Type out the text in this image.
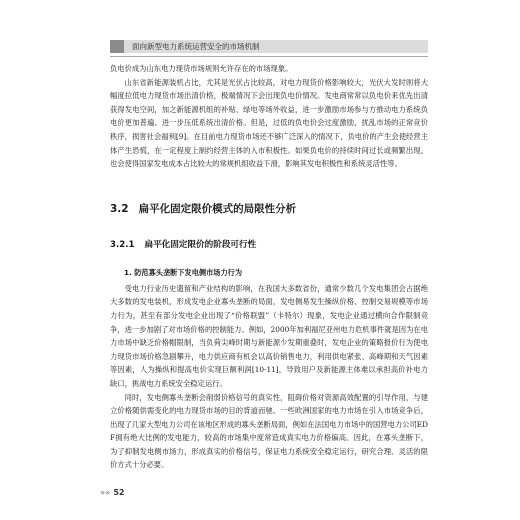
面向新型电力系统运营安全的市场机制

负电价成为山东电力现货市场规则允许存在的市场现象。

山东省新能源装机占比，尤其是光伏占比较高，对电力现货价格影响较大，光伏大发时则将大幅度拉低电力现货市场出清价格，极端情况下会出现负电价情况。发电商常常以负电价来优先出清获得发电空间，加之新能源机组的补贴、绿电等场外收益，进一步激励市场参与方推动电力系统负电价更加普遍、进一步压低系统出清价格。但是，过低的负电价会过度激励，扰乱市场的正常竞价秩序，损害社会福利[9]。在目前电力现货市场还不够广泛深入的情况下，负电价的产生会使经营主体产生恐慌，在一定程度上制约经营主体的入市积极性。如果负电价的持续时间过长或频繁出现，也会使得国家发电成本占比较大的常规机组收益下滑，影响其发电积极性和系统灵活性等。

3.2 扁平化固定限价模式的局限性分析
3.2.1 扁平化固定限价的阶段可行性
1. 防范寡头垄断下发电侧市场力行为

受电力行业历史遗留和产业结构的影响，在我国大多数省份，通常少数几个发电集团会占据绝大多数的发电装机，形成发电企业寡头垄断的局面，发电侧易发生操纵价格、控制交易规模等市场力行为，甚至有部分发电企业出现了“价格联盟”（卡特尔）现象，发电企业通过横向合作限制竞争，进一步加剧了对市场价格的控制能力。例如，2000年加利福尼亚州电力危机事件就是因为在电力市场中缺乏价格帽限制，当负荷尖峰时期与新能源少发期重叠时，发电企业的策略报价行为使电力现货市场价格急剧攀升，电力供应商有机会以高价销售电力，利用供电紧张、高峰期和天气因素等因素，人为操纵和提高电价实现巨额利润[10-11]，导致用户及新能源主体难以承担高价补电力缺口，挑战电力系统安全稳定运行。

同时，发电侧寡头垄断会削弱价格信号的真实性，阻碍价格对资源高效配置的引导作用，与建立价格随供需变化的电力现货市场的目的背道而驰。一些欧洲国家的电力市场在引入市场竞争后，出现了几家大型电力公司在该地区形成的寡头垄断局面，例如在法国电力市场中的国营电力公司EDF拥有绝大比例的发电能力，较高的市场集中度常造成真实电力价格偏高。因此，在寡头垄断下，为了抑制发电侧市场力，形成真实的价格信号，保证电力系统安全稳定运行，研究合理、灵活的限价方式十分必要。

»» 52
